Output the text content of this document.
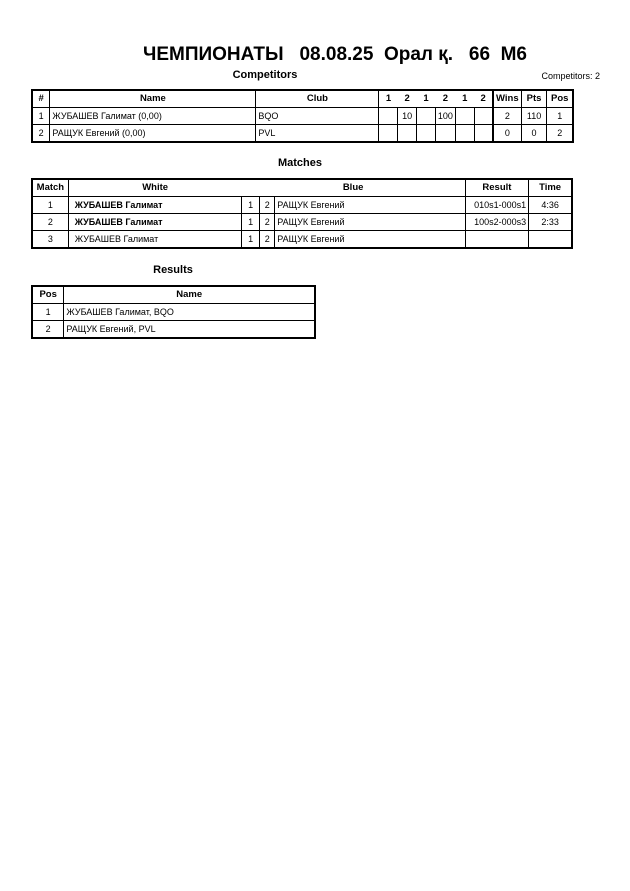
ЧЕМПИОНАТЫ   08.08.25  Орал қ.   66  М6
Competitors	Competitors: 2
#	Name	Club	1	2	1	2	1	2	Wins	Pts	Pos
1	ЖУБАШЕВ Галимат (0,00)	BQO		10		100			2	110	1
2	РАЩУК Евгений (0,00)	PVL							0	0	2
Matches
Match	White	Blue			Result	Time
1	ЖУБАШЕВ Галимат	1	2	РАЩУК Евгений	010s1-000s1	4:36
2	ЖУБАШЕВ Галимат	1	2	РАЩУК Евгений	100s2-000s3	2:33
3	ЖУБАШЕВ Галимат	1	2	РАЩУК Евгений		
Results
Pos	Name
1	ЖУБАШЕВ Галимат, BQO
2	РАЩУК Евгений, PVL
